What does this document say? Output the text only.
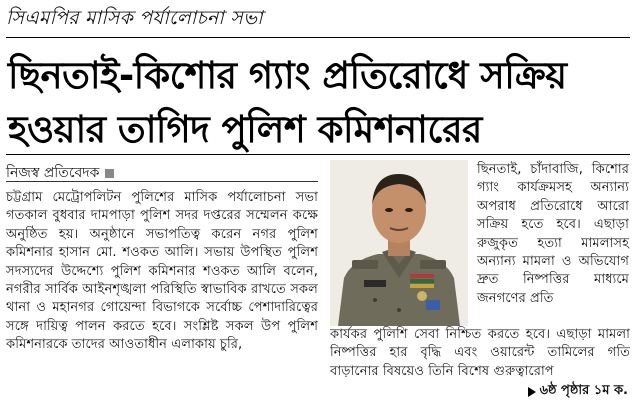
সিএমপির মাসিক পর্যালোচনা সভা
ছিনতাই-কিশোর গ্যাং প্রতিরোধে সক্রিয়
হওয়ার তাগিদ পুলিশ কমিশনারের
নিজস্ব প্রতিবেদক

চট্টগ্রাম মেট্রোপলিটন পুলিশের মাসিক পর্যালোচনা সভা গতকাল বুধবার দামপাড়া পুলিশ সদর দপ্তরের সম্মেলন কক্ষে অনুষ্ঠিত হয়। অনুষ্ঠানে সভাপতিত্ব করেন নগর পুলিশ কমিশনার হাসান মো. শওকত আলি। সভায় উপস্থিত পুলিশ সদস্যদের উদ্দেশ্যে পুলিশ কমিশনার শওকত আলি বলেন, নগরীর সার্বিক আইনশৃঙ্খলা পরিস্থিতি স্বাভাবিক রাখতে সকল থানা ও মহানগর গোয়েন্দা বিভাগকে সর্বোচ্চ পেশাদারিত্বের সঙ্গে দায়িত্ব পালন করতে হবে। সংশ্লিষ্ট সকল উপ পুলিশ কমিশনারকে তাদের আওতাধীন এলাকায় চুরি,

ছিনতাই, চাঁদাবাজি, কিশোর গ্যাং কার্যক্রমসহ অন্যান্য অপরাধ প্রতিরোধে আরো সক্রিয় হতে হবে। এছাড়া রুজুকৃত হত্যা মামলাসহ অন্যান্য মামলা ও অভিযোগ দ্রুত নিষ্পত্তির মাধ্যমে জনগণের প্রতি

কার্যকর পুলিশি সেবা নিশ্চিত করতে হবে। এছাড়া মামলা নিষ্পত্তির হার বৃদ্ধি এবং ওয়ারেন্ট তামিলের গতি বাড়ানোর বিষয়েও তিনি বিশেষ গুরুত্বারোপ

৬ষ্ঠ পৃষ্ঠার ১ম ক.
